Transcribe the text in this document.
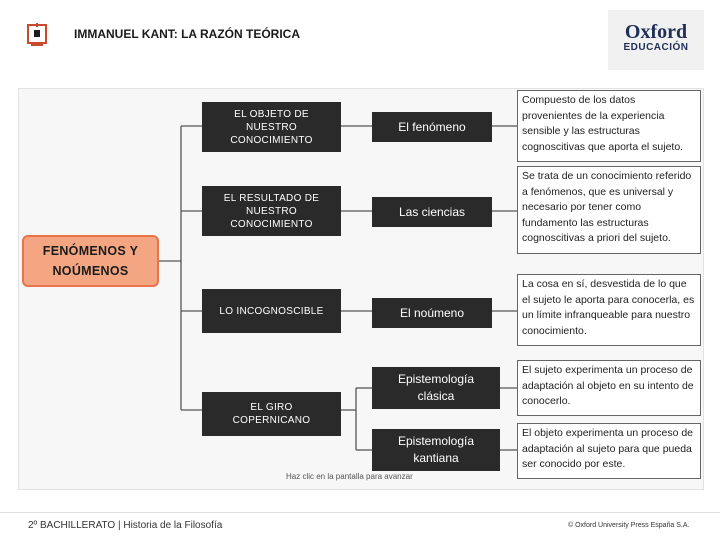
IMMANUEL KANT: LA RAZÓN TEÓRICA	Oxford
EDUCACIÓN
FENÓMENOS Y NOÚMENOS
EL OBJETO DE NUESTRO CONOCIMIENTO
EL RESULTADO DE NUESTRO CONOCIMIENTO
LO INCOGNOSCIBLE
EL GIRO COPERNICANO
El fenómeno
Las ciencias
El noúmeno
Epistemología clásica
Epistemología kantiana
Compuesto de los datos provenientes de la experiencia sensible y las estructuras cognoscitivas que aporta el sujeto.
Se trata de un conocimiento referido a fenómenos, que es universal y necesario por tener como fundamento las estructuras cognoscitivas a priori del sujeto.
La cosa en sí, desvestida de lo que el sujeto le aporta para conocerla, es un límite infranqueable para nuestro conocimiento.
El sujeto experimenta un proceso de adaptación al objeto en su intento de conocerlo.
El objeto experimenta un proceso de adaptación al sujeto para que pueda ser conocido por este.
Haz clic en la pantalla para avanzar
2º BACHILLERATO | Historia de la Filosofía	© Oxford University Press España S.A.
